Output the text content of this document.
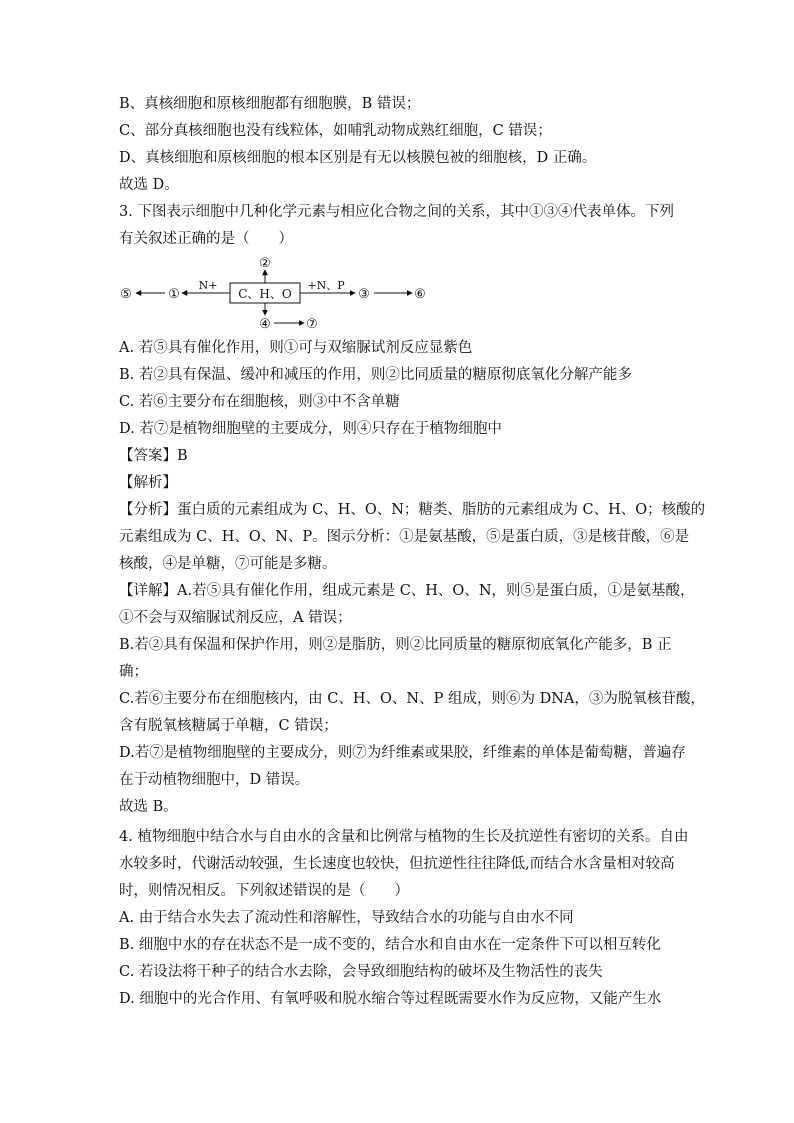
B、真核细胞和原核细胞都有细胞膜，B 错误；
C、部分真核细胞也没有线粒体，如哺乳动物成熟红细胞，C 错误；
D、真核细胞和原核细胞的根本区别是有无以核膜包被的细胞核，D 正确。
故选 D。
3. 下图表示细胞中几种化学元素与相应化合物之间的关系，其中①③④代表单体。下列
有关叙述正确的是（　　）
C、H、O
②
④	⑦
N+
①
⑤
+N、P
③	⑥
A. 若⑤具有催化作用，则①可与双缩脲试剂反应显紫色
B. 若②具有保温、缓冲和减压的作用，则②比同质量的糖原彻底氧化分解产能多
C. 若⑥主要分布在细胞核，则③中不含单糖
D. 若⑦是植物细胞壁的主要成分，则④只存在于植物细胞中
【答案】B
【解析】
【分析】蛋白质的元素组成为 C、H、O、N；糖类、脂肪的元素组成为 C、H、O；核酸的
元素组成为 C、H、O、N、P。图示分析：①是氨基酸，⑤是蛋白质，③是核苷酸，⑥是
核酸，④是单糖，⑦可能是多糖。
【详解】A.若⑤具有催化作用，组成元素是 C、H、O、N，则⑤是蛋白质，①是氨基酸，
①不会与双缩脲试剂反应，A 错误；
B.若②具有保温和保护作用，则②是脂肪，则②比同质量的糖原彻底氧化产能多，B 正
确；
C.若⑥主要分布在细胞核内，由 C、H、O、N、P 组成，则⑥为 DNA，③为脱氧核苷酸，
含有脱氧核糖属于单糖，C 错误；
D.若⑦是植物细胞壁的主要成分，则⑦为纤维素或果胶，纤维素的单体是葡萄糖，普遍存
在于动植物细胞中，D 错误。
故选 B。
4. 植物细胞中结合水与自由水的含量和比例常与植物的生长及抗逆性有密切的关系。自由
水较多时，代谢活动较强，生长速度也较快，但抗逆性往往降低,而结合水含量相对较高
时，则情况相反。下列叙述错误的是（　　）
A. 由于结合水失去了流动性和溶解性，导致结合水的功能与自由水不同
B. 细胞中水的存在状态不是一成不变的，结合水和自由水在一定条件下可以相互转化
C. 若设法将干种子的结合水去除，会导致细胞结构的破坏及生物活性的丧失
D. 细胞中的光合作用、有氧呼吸和脱水缩合等过程既需要水作为反应物，又能产生水
